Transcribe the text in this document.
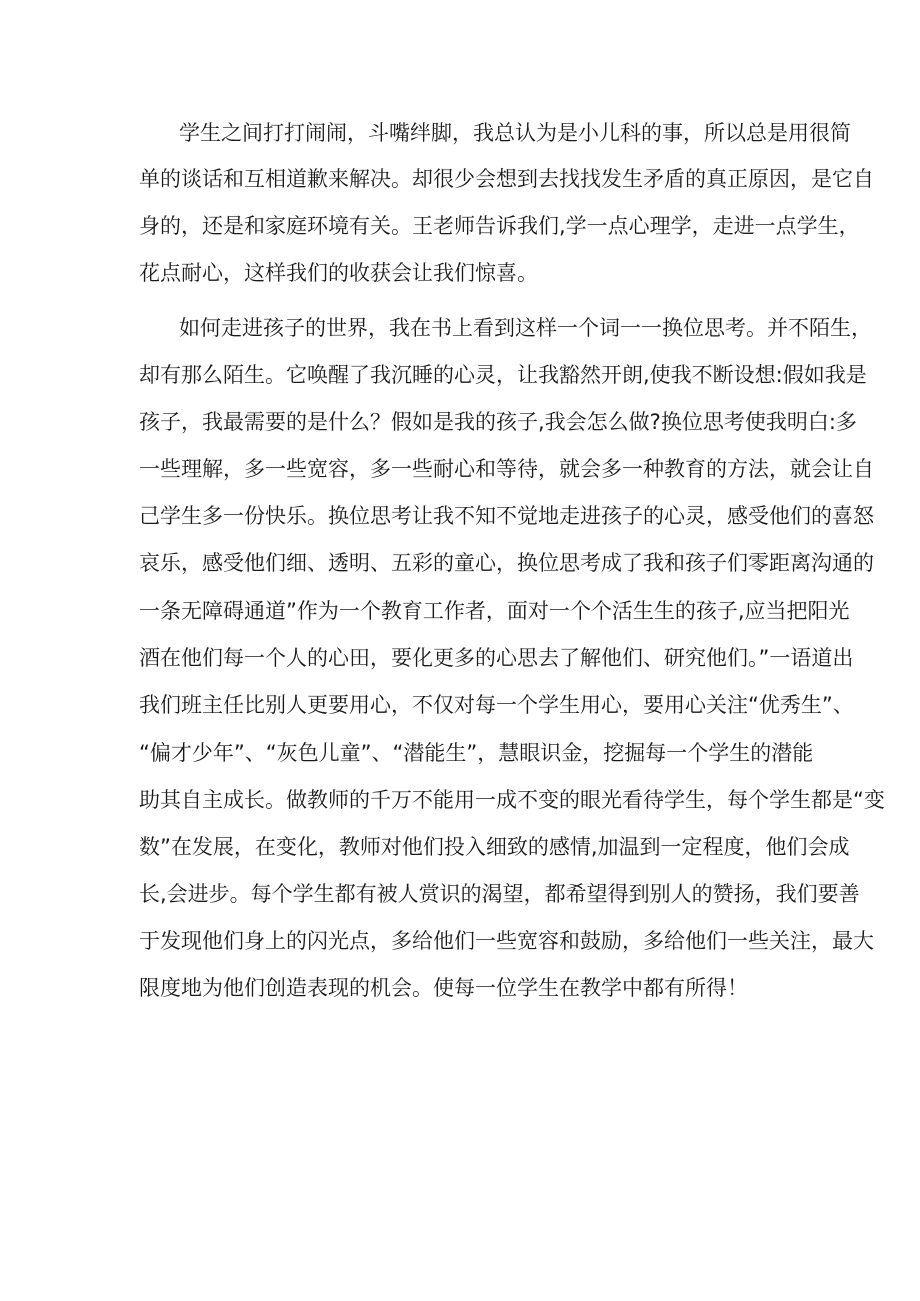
学生之间打打闹闹，斗嘴绊脚，我总认为是小儿科的事，所以总是用很简
单的谈话和互相道歉来解决。却很少会想到去找找发生矛盾的真正原因，是它自
身的，还是和家庭环境有关。王老师告诉我们,学一点心理学，走进一点学生，
花点耐心，这样我们的收获会让我们惊喜。
如何走进孩子的世界，我在书上看到这样一个词一一换位思考。并不陌生，
却有那么陌生。它唤醒了我沉睡的心灵，让我豁然开朗,使我不断设想:假如我是
孩子，我最需要的是什么？假如是我的孩子,我会怎么做?换位思考使我明白:多
一些理解，多一些宽容，多一些耐心和等待，就会多一种教育的方法，就会让自
己学生多一份快乐。换位思考让我不知不觉地走进孩子的心灵，感受他们的喜怒
哀乐，感受他们细、透明、五彩的童心，换位思考成了我和孩子们零距离沟通的
一条无障碍通道”作为一个教育工作者，面对一个个活生生的孩子,应当把阳光
酒在他们每一个人的心田，要化更多的心思去了解他们、研究他们。”一语道出
我们班主任比别人更要用心，不仅对每一个学生用心，要用心关注“优秀生”、
“偏才少年”、“灰色儿童”、“潜能生”，慧眼识金，挖掘每一个学生的潜能
助其自主成长。做教师的千万不能用一成不变的眼光看待学生，每个学生都是“变
数”在发展，在变化，教师对他们投入细致的感情,加温到一定程度，他们会成
长,会进步。每个学生都有被人赏识的渴望，都希望得到别人的赞扬，我们要善
于发现他们身上的闪光点，多给他们一些宽容和鼓励，多给他们一些关注，最大
限度地为他们创造表现的机会。使每一位学生在教学中都有所得！
